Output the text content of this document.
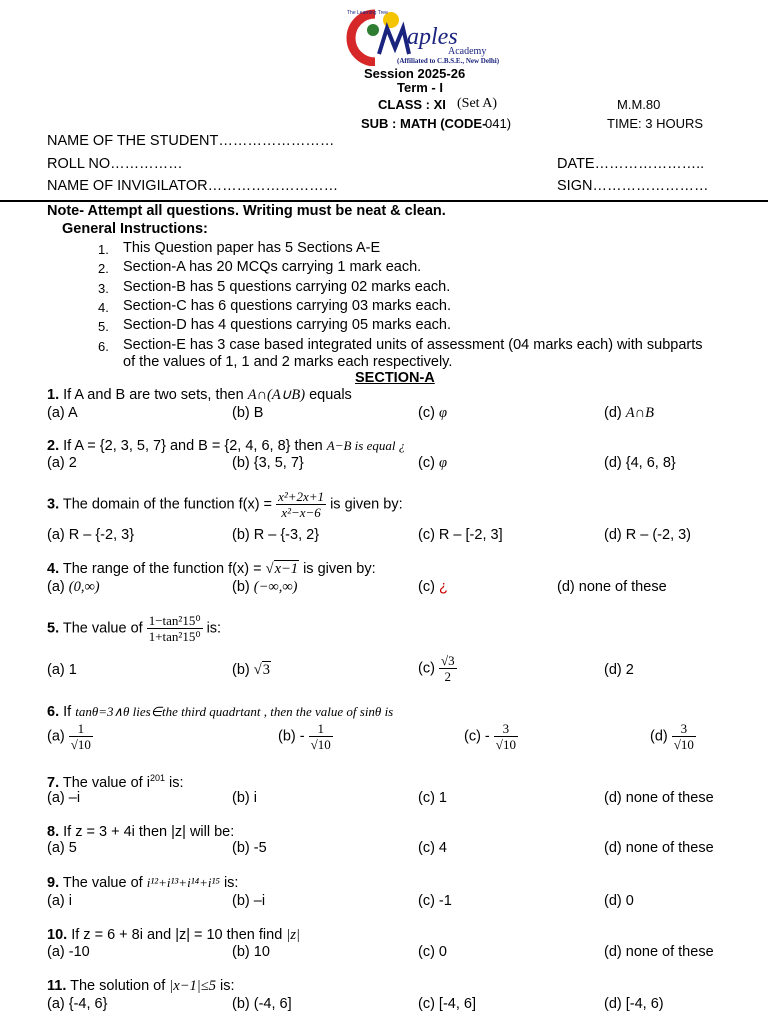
aples
Academy
(Affiliated to C.B.S.E., New Delhi)
The Learning Tree
Session 2025-26
Term - I
CLASS : XI (Set A)	M.M.80
SUB : MATH (CODE-
041)	TIME: 3 HOURS
NAME OF THE STUDENT……………………
ROLL NO……………	DATE…………………..
NAME OF INVIGILATOR………………………	SIGN……………………
Note- Attempt all questions. Writing must be neat & clean.
General Instructions:
1. This Question paper has 5 Sections A-E
2. Section-A has 20 MCQs carrying 1 mark each.
3. Section-B has 5 questions carrying 02 marks each.
4. Section-C has 6 questions carrying 03 marks each.
5. Section-D has 4 questions carrying 05 marks each.
6. Section-E has 3 case based integrated units of assessment (04 marks each) with subparts
of the values of 1, 1 and 2 marks each respectively.
SECTION-A
1. If A and B are two sets, then A∩(A∪B) equals
(a) A	(b) B	(c) φ	(d) A∩B
2. If A = {2, 3, 5, 7} and B = {2, 4, 6, 8} then A−B is equal ¿
(a) 2	(b) {3, 5, 7}	(c) φ	(d) {4, 6, 8}
3. The domain of the function $f(x) = \frac{\text{x²+2x+1}}{\text{x²−x−6}}$ is given by:
(a) R – {-2, 3}	(b) R – {-3, 2}	(c) R – [-2, 3]	(d) R – (-2, 3)
4. The range of the function f(x) = √x−1 is given by:
(a) (0,∞)	(b) (−∞,∞)	(c) ¿	(d) none of these
5. The value of $\frac{\text{1−tan²15⁰}}{\text{1+tan²15⁰}}$ is:
(a) 1	(b) √3	$(c) \frac{√3}{2}$	(d) 2
6. If tanθ=3∧θ lies∈the third quadrtant , then the value of sinθ is
$(a) \frac{1}{√10}$	$(b) - \frac{1}{√10}$	$(c) - \frac{3}{√10}$	$(d) \frac{3}{√10}$
7. The value of $i^{201}$ is:
(a) –i	(b) i	(c) 1	(d) none of these
8. If z = 3 + 4i then |z| will be:
(a) 5	(b) -5	(c) 4	(d) none of these
9. The value of i¹²+i¹³+i¹⁴+i¹⁵ is:
(a) i	(b) –i	(c) -1	(d) 0
10. If z = 6 + 8i and |z| = 10 then find |z|
(a) -10	(b) 10	(c) 0	(d) none of these
11. The solution of |x−1|≤5 is:
(a) {-4, 6}	(b) (-4, 6]	(c) [-4, 6]	(d) [-4, 6)
